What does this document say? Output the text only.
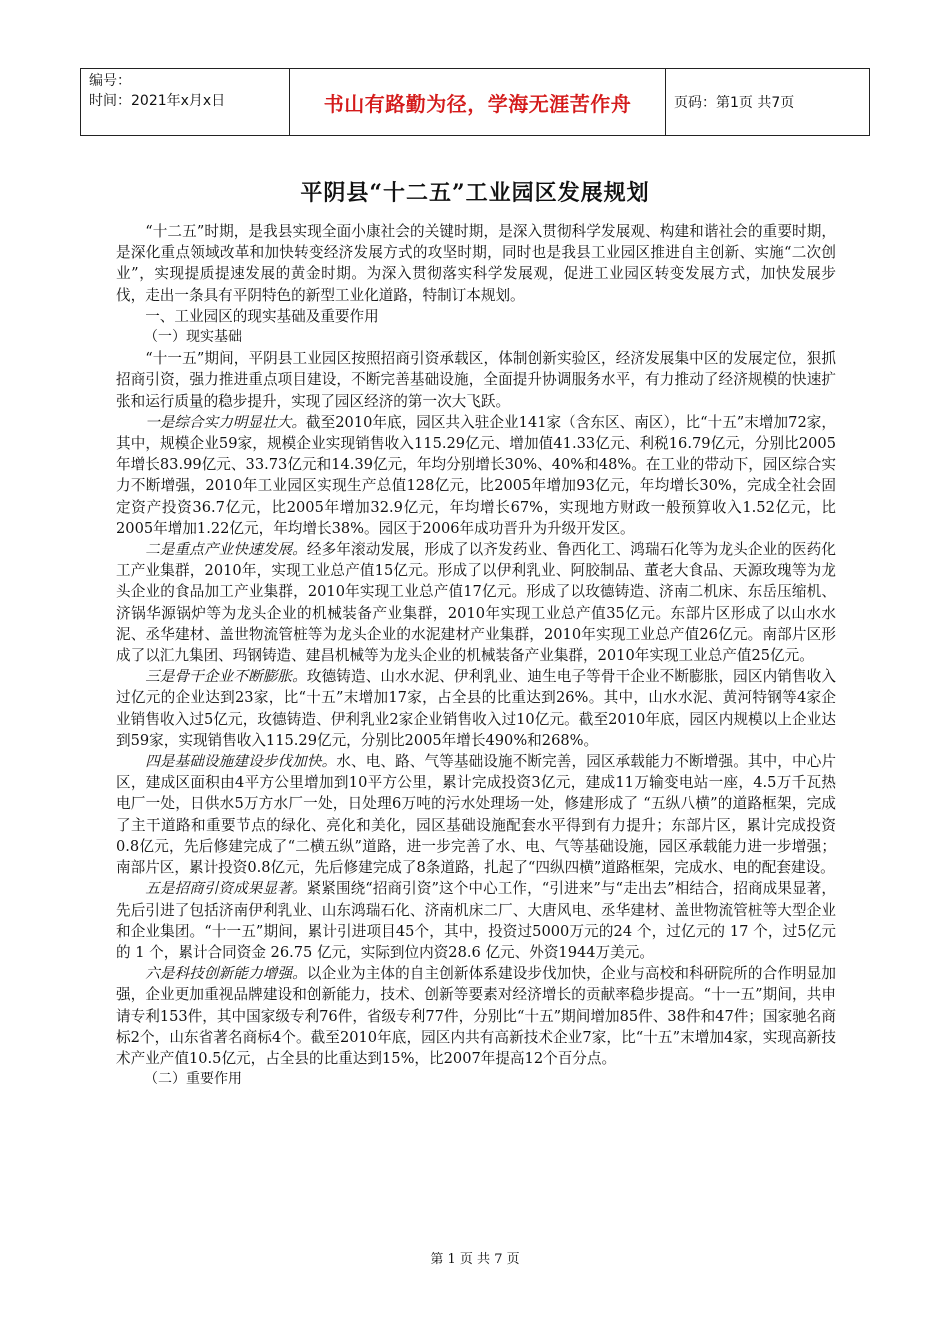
编号：
时间：2021年x月x日	书山有路勤为径，学海无涯苦作舟	页码：第1页 共7页
平阴县“十二五”工业园区发展规划

“十二五”时期，是我县实现全面小康社会的关键时期，是深入贯彻科学发展观、构建和谐社会的重要时期，是深化重点领域改革和加快转变经济发展方式的攻坚时期，同时也是我县工业园区推进自主创新、实施“二次创业”，实现提质提速发展的黄金时期。为深入贯彻落实科学发展观，促进工业园区转变发展方式，加快发展步伐，走出一条具有平阴特色的新型工业化道路，特制订本规划。

一、工业园区的现实基础及重要作用

（一）现实基础

“十一五”期间，平阴县工业园区按照招商引资承载区，体制创新实验区，经济发展集中区的发展定位，狠抓招商引资，强力推进重点项目建设，不断完善基础设施，全面提升协调服务水平，有力推动了经济规模的快速扩张和运行质量的稳步提升，实现了园区经济的第一次大飞跃。

一是综合实力明显壮大。截至2010年底，园区共入驻企业141家（含东区、南区），比“十五”末增加72家，其中，规模企业59家，规模企业实现销售收入115.29亿元、增加值41.33亿元、利税16.79亿元，分别比2005年增长83.99亿元、33.73亿元和14.39亿元，年均分别增长30%、40%和48%。在工业的带动下，园区综合实力不断增强，2010年工业园区实现生产总值128亿元，比2005年增加93亿元，年均增长30%，完成全社会固定资产投资36.7亿元，比2005年增加32.9亿元，年均增长67%，实现地方财政一般预算收入1.52亿元，比2005年增加1.22亿元，年均增长38%。园区于2006年成功晋升为升级开发区。

二是重点产业快速发展。经多年滚动发展，形成了以齐发药业、鲁西化工、鸿瑞石化等为龙头企业的医药化工产业集群，2010年，实现工业总产值15亿元。形成了以伊利乳业、阿胶制品、董老大食品、天源玫瑰等为龙头企业的食品加工产业集群，2010年实现工业总产值17亿元。形成了以玫德铸造、济南二机床、东岳压缩机、济锅华源锅炉等为龙头企业的机械装备产业集群，2010年实现工业总产值35亿元。东部片区形成了以山水水泥、丞华建材、盖世物流管桩等为龙头企业的水泥建材产业集群，2010年实现工业总产值26亿元。南部片区形成了以汇九集团、玛钢铸造、建昌机械等为龙头企业的机械装备产业集群，2010年实现工业总产值25亿元。

三是骨干企业不断膨胀。玫德铸造、山水水泥、伊利乳业、迪生电子等骨干企业不断膨胀，园区内销售收入过亿元的企业达到23家，比“十五”末增加17家，占全县的比重达到26%。其中，山水水泥、黄河特钢等4家企业销售收入过5亿元，玫德铸造、伊利乳业2家企业销售收入过10亿元。截至2010年底，园区内规模以上企业达到59家，实现销售收入115.29亿元，分别比2005年增长490%和268%。

四是基础设施建设步伐加快。水、电、路、气等基础设施不断完善，园区承载能力不断增强。其中，中心片区，建成区面积由4平方公里增加到10平方公里，累计完成投资3亿元，建成11万输变电站一座，4.5万千瓦热电厂一处，日供水5万方水厂一处，日处理6万吨的污水处理场一处，修建形成了 “五纵八横”的道路框架，完成了主干道路和重要节点的绿化、亮化和美化，园区基础设施配套水平得到有力提升；东部片区，累计完成投资0.8亿元，先后修建完成了“二横五纵”道路，进一步完善了水、电、气等基础设施，园区承载能力进一步增强；南部片区，累计投资0.8亿元，先后修建完成了8条道路，扎起了“四纵四横”道路框架，完成水、电的配套建设。

五是招商引资成果显著。紧紧围绕“招商引资”这个中心工作，“引进来”与“走出去”相结合，招商成果显著，先后引进了包括济南伊利乳业、山东鸿瑞石化、济南机床二厂、大唐风电、丞华建材、盖世物流管桩等大型企业和企业集团。“十一五”期间，累计引进项目45个，其中，投资过5000万元的24 个，过亿元的 17 个，过5亿元的 1 个，累计合同资金 26.75 亿元，实际到位内资28.6 亿元、外资1944万美元。

六是科技创新能力增强。以企业为主体的自主创新体系建设步伐加快，企业与高校和科研院所的合作明显加强，企业更加重视品牌建设和创新能力，技术、创新等要素对经济增长的贡献率稳步提高。“十一五”期间，共申请专利153件，其中国家级专利76件，省级专利77件，分别比“十五”期间增加85件、38件和47件；国家驰名商标2个，山东省著名商标4个。截至2010年底，园区内共有高新技术企业7家，比“十五”末增加4家，实现高新技术产业产值10.5亿元，占全县的比重达到15%，比2007年提高12个百分点。

（二）重要作用

第 1 页 共 7 页
